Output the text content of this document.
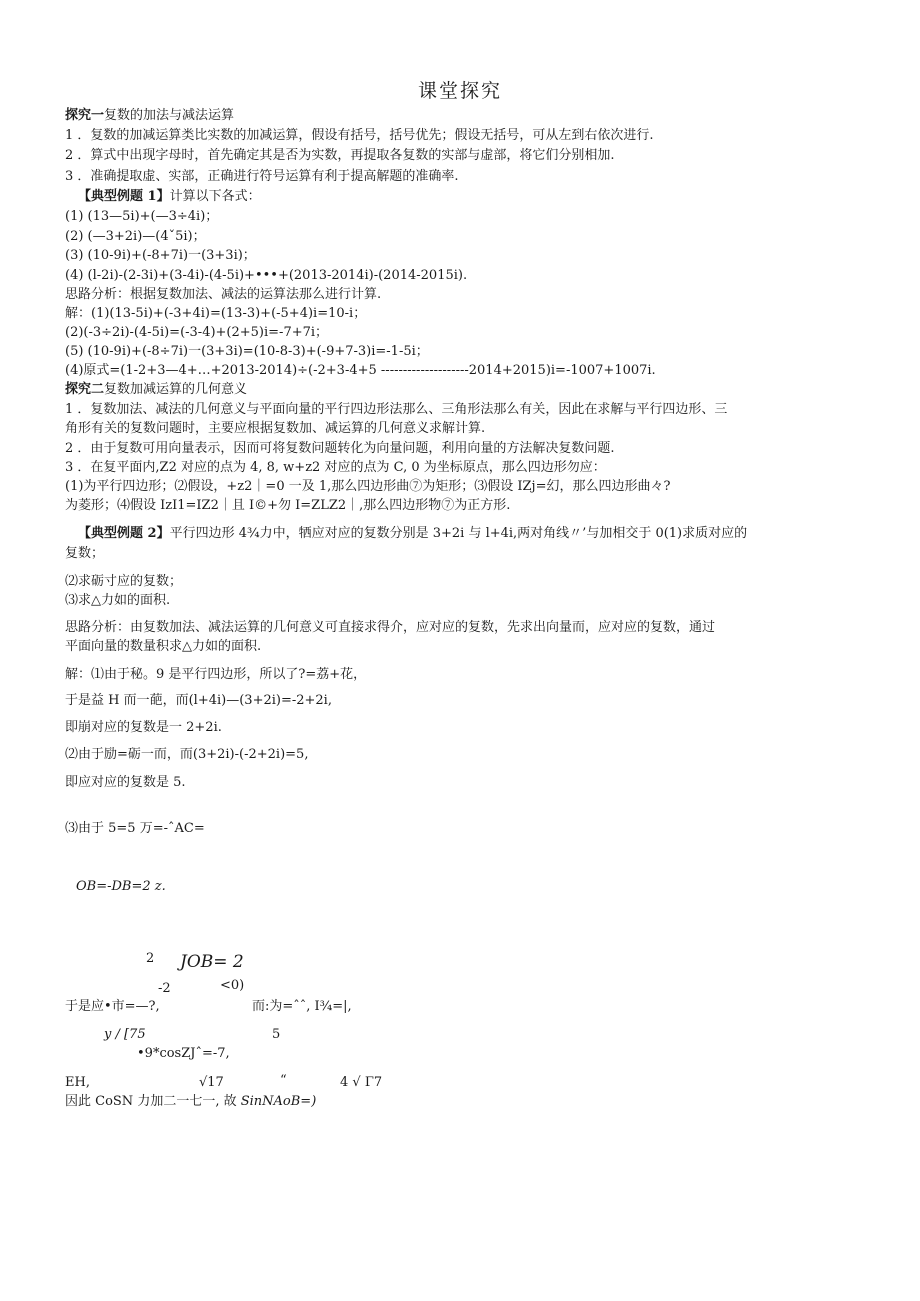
课堂探究
探究一复数的加法与减法运算
1 ．复数的加减运算类比实数的加减运算，假设有括号，括号优先；假设无括号，可从左到右依次进行.
2 ．算式中出现字母时，首先确定其是否为实数，再提取各复数的实部与虚部，将它们分别相加.
3 ．准确提取虚、实部，正确进行符号运算有利于提高解题的准确率.
【典型例题 1】计算以下各式：
(1) (13—5i)+(—3÷4i)；
(2) (—3+2i)—(4ˇ5i)；
(3) (10-9i)+(-8+7i)一(3+3i)；
(4) (l-2i)-(2-3i)+(3-4i)-(4-5i)+•••+(2013-2014i)-(2014-2015i).
思路分析：根据复数加法、减法的运算法那么进行计算.
解：(1)(13-5i)+(-3+4i)=(13-3)+(-5+4)i=10-i；
(2)(-3÷2i)-(4-5i)=(-3-4)+(2+5)i=-7+7i；
(5) (10-9i)+(-8÷7i)一(3+3i)=(10-8-3)+(-9+7-3)i=-1-5i；
(4)原式=(1-2+3—4+…+2013-2014)÷(-2+3-4+5 --------------------2014+2015)i=-1007+1007i.
探究二复数加减运算的几何意义
1 ．复数加法、减法的几何意义与平面向量的平行四边形法那么、三角形法那么有关，因此在求解与平行四边形、三
角形有关的复数问题时，主要应根据复数加、减运算的几何意义求解计算.
2 ．由于复数可用向量表示，因而可将复数问题转化为向量问题，利用向量的方法解决复数问题.
3 ．在复平面内,Z2 对应的点为 4, 8, w+z2 对应的点为 C, 0 为坐标原点，那么四边形勿应：
(1)为平行四边形；⑵假设，+z2｜=0 一及 1,那么四边形曲⑦为矩形；⑶假设 IZj=幻，那么四边形曲々?
为菱形；⑷假设 IzI1=IZ2｜且 I©+勿 I=ZLZ2｜,那么四边形物⑦为正方形.
【典型例题 2】平行四边形 4¾力中，牺应对应的复数分别是 3+2i 与 l+4i,两对角线〃’与加相交于 0(1)求质对应的
复数；
⑵求砺寸应的复数；
⑶求△力如的面积.
思路分析：由复数加法、减法运算的几何意义可直接求得介，应对应的复数，先求出向量而，应对应的复数，通过
平面向量的数量积求△力如的面积.
解：⑴由于秘。9 是平行四边形，所以了?=荔+花，
于是益 H 而一葩，而(l+4i)—(3+2i)=-2+2i,
即崩对应的复数是一 2+2i.
⑵由于励=砺一而，而(3+2i)-(-2+2i)=5,
即应对应的复数是 5.
⑶由于 5=5 万=-ˆAC=
OB=-DB=2 z.
2 JOB= 2
-2	<0)
于是应•市=—?,	而:为=ˆˆ, I¾=|,
y / [75	5
•9*cosZJˆ=-7,
EH,	√17	“	4 √ Γ7
因此 CoSN 力加二一七一, 故 SinNAoB=)
